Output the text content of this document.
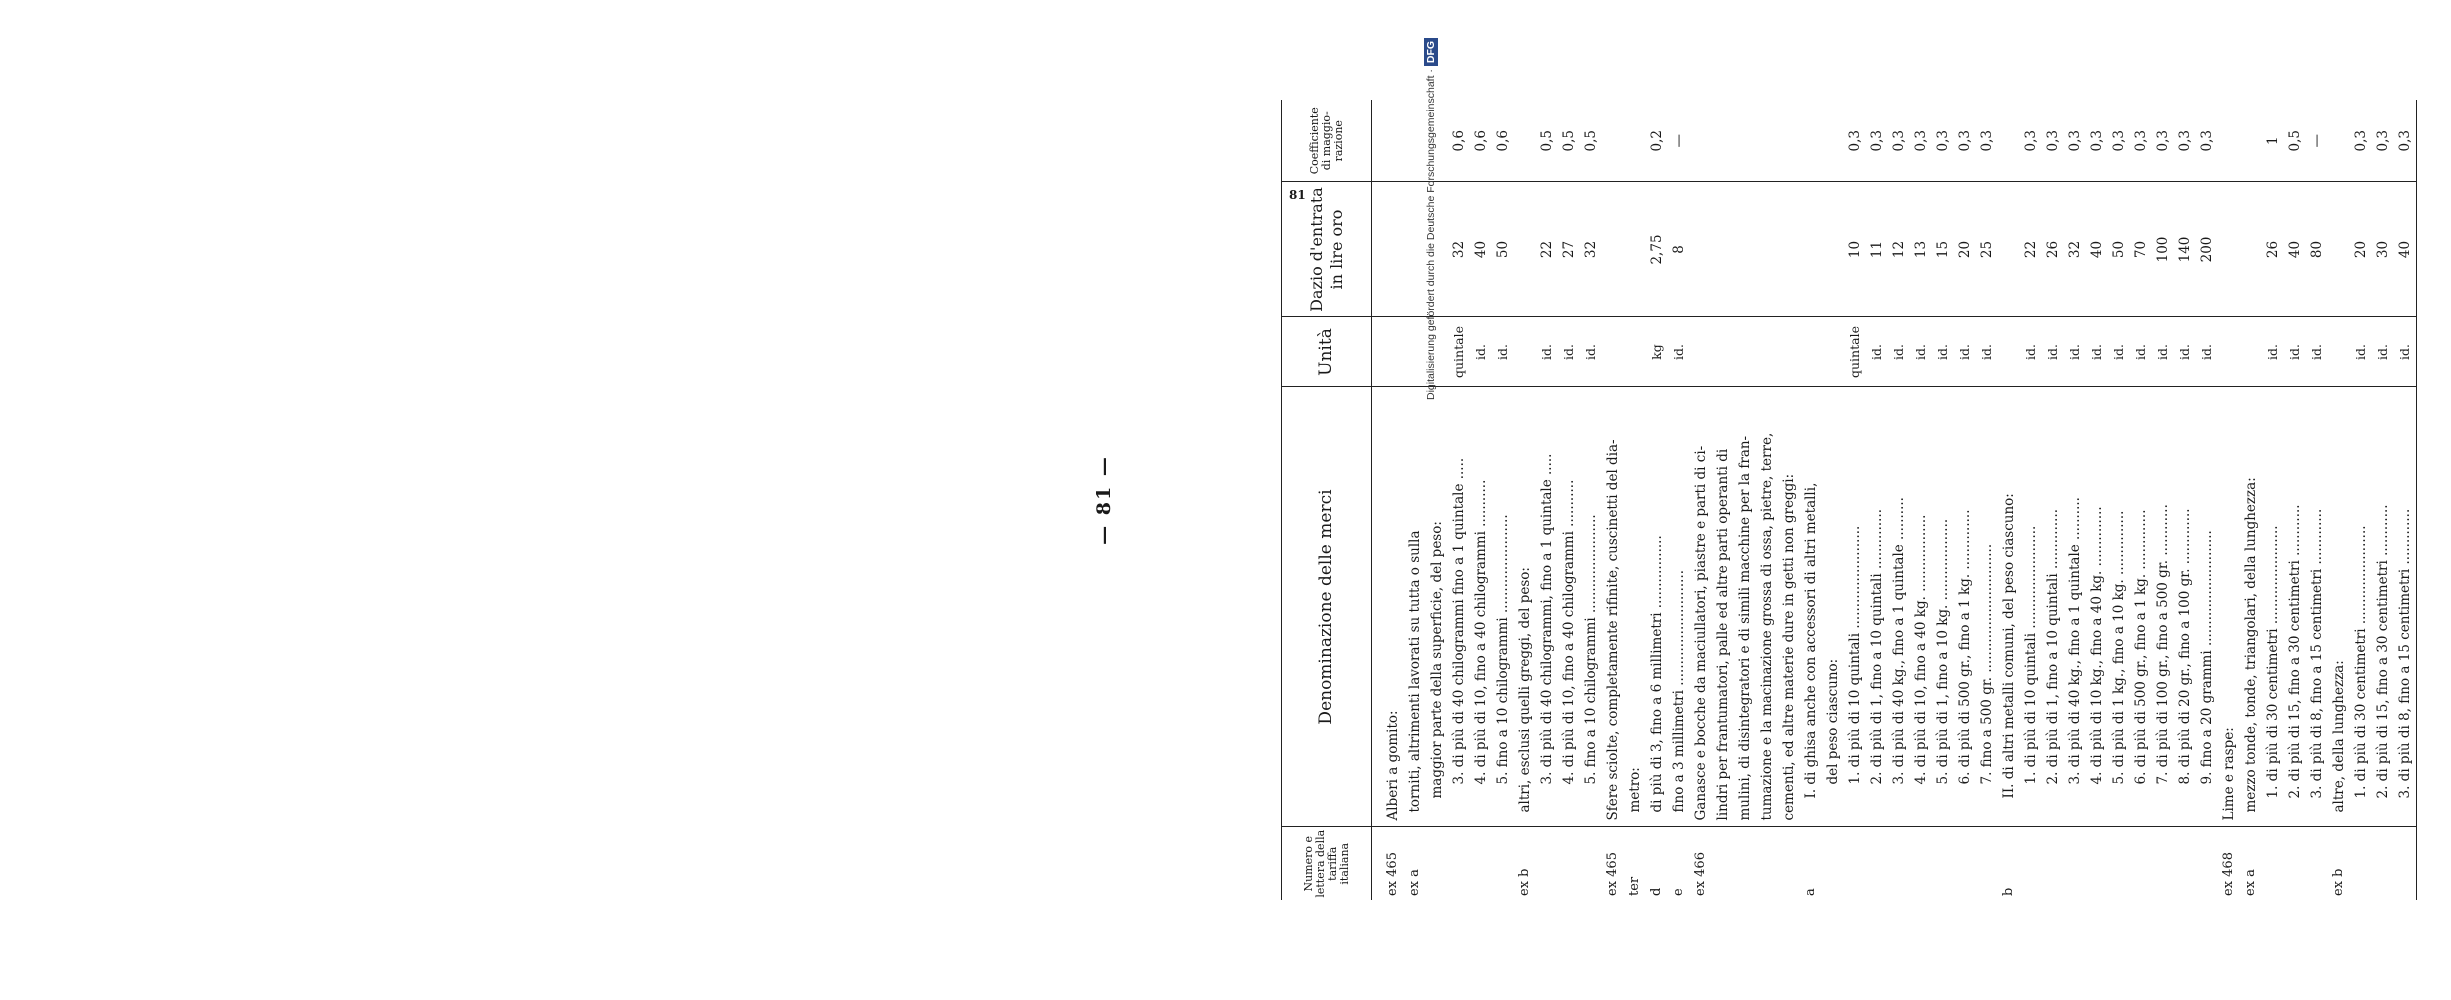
— 81 —
Numero e lettera della tariffa italiana	Denominazione delle merci	Unità	Dazio d'entrata in lire oro	Coefficiente di maggio-razione

ex 465	Alberi a gomito:			
ex a	torniti, altrimenti lavorati su tutta o sulla			
	maggior parte della superficie, del peso:			
	3. di più di 40 chilogrammi fino a 1 quintale .....	quintale	32	0,6
	4. di più di 10, fino a 40 chilogrammi ...........	id.	40	0,6
	5. fino a 10 chilogrammi .......................	id.	50	0,6
ex b	altri, esclusi quelli greggi, del peso:			
	3. di più di 40 chilogrammi, fino a 1 quintale .....	id.	22	0,5
	4. di più di 10, fino a 40 chilogrammi ...........	id.	27	0,5
	5. fino a 10 chilogrammi .......................	id.	32	0,5
ex 465	Sfere sciolte, completamente rifinite, cuscinetti del dia-			
ter	metro:			
d	di più di 3, fino a 6 millimetri .................	kg	2,75	0,2
e	fino a 3 millimetri ...........................	id.	8	—
ex 466	Ganasce e bocche da maciullatori, piastre e parti di ci-			
	lindri per frantumatori, palle ed altre parti operanti di			
	mulini, di disintegratori e di simili macchine per la fran-			
	tumazione e la macinazione grossa di ossa, pietre, terre,			
	cementi, ed altre materie dure in getti non greggi:			
a	I. di ghisa anche con accessori di altri metalli,			
	del peso ciascuno:			
	1. di più di 10 quintali ........................	quintale	10	0,3
	2. di più di 1, fino a 10 quintali ..............	id.	11	0,3
	3. di più di 40 kg., fino a 1 quintale ..........	id.	12	0,3
	4. di più di 10, fino a 40 kg. ..................	id.	13	0,3
	5. di più di 1, fino a 10 kg. ...................	id.	15	0,3
	6. di più di 500 gr., fino a 1 kg. ..............	id.	20	0,3
	7. fino a 500 gr. ..............................	id.	25	0,3
b	II. di altri metalli comuni, del peso ciascuno:			
	1. di più di 10 quintali ........................	id.	22	0,3
	2. di più di 1, fino a 10 quintali ..............	id.	26	0,3
	3. di più di 40 kg., fino a 1 quintale ..........	id.	32	0,3
	4. di più di 10 kg., fino a 40 kg. ..............	id.	40	0,3
	5. di più di 1 kg., fino a 10 kg. ...............	id.	50	0,3
	6. di più di 500 gr., fino a 1 kg. ..............	id.	70	0,3
	7. di più di 100 gr., fino a 500 gr. ............	id.	100	0,3
	8. di più di 20 gr., fino a 100 gr. .............	id.	140	0,3
	9. fino a 20 grammi ...........................	id.	200	0,3
ex 468	Lime e raspe:			
ex a	mezzo tonde, tonde, triangolari, della lunghezza:			
	1. di più di 30 centimetri .......................	id.	26	1
	2. di più di 15, fino a 30 centimetri ............	id.	40	0,5
	3. di più di 8, fino a 15 centimetri .............	id.	80	—
ex b	altre, della lunghezza:			
	1. di più di 30 centimetri .......................	id.	20	0,3
	2. di più di 15, fino a 30 centimetri ............	id.	30	0,3
	3. di più di 8, fino a 15 centimetri .............	id.	40	0,3
81	Digitalisierung gefördert durch die Deutsche Forschungsgemeinschaft ·DFG
